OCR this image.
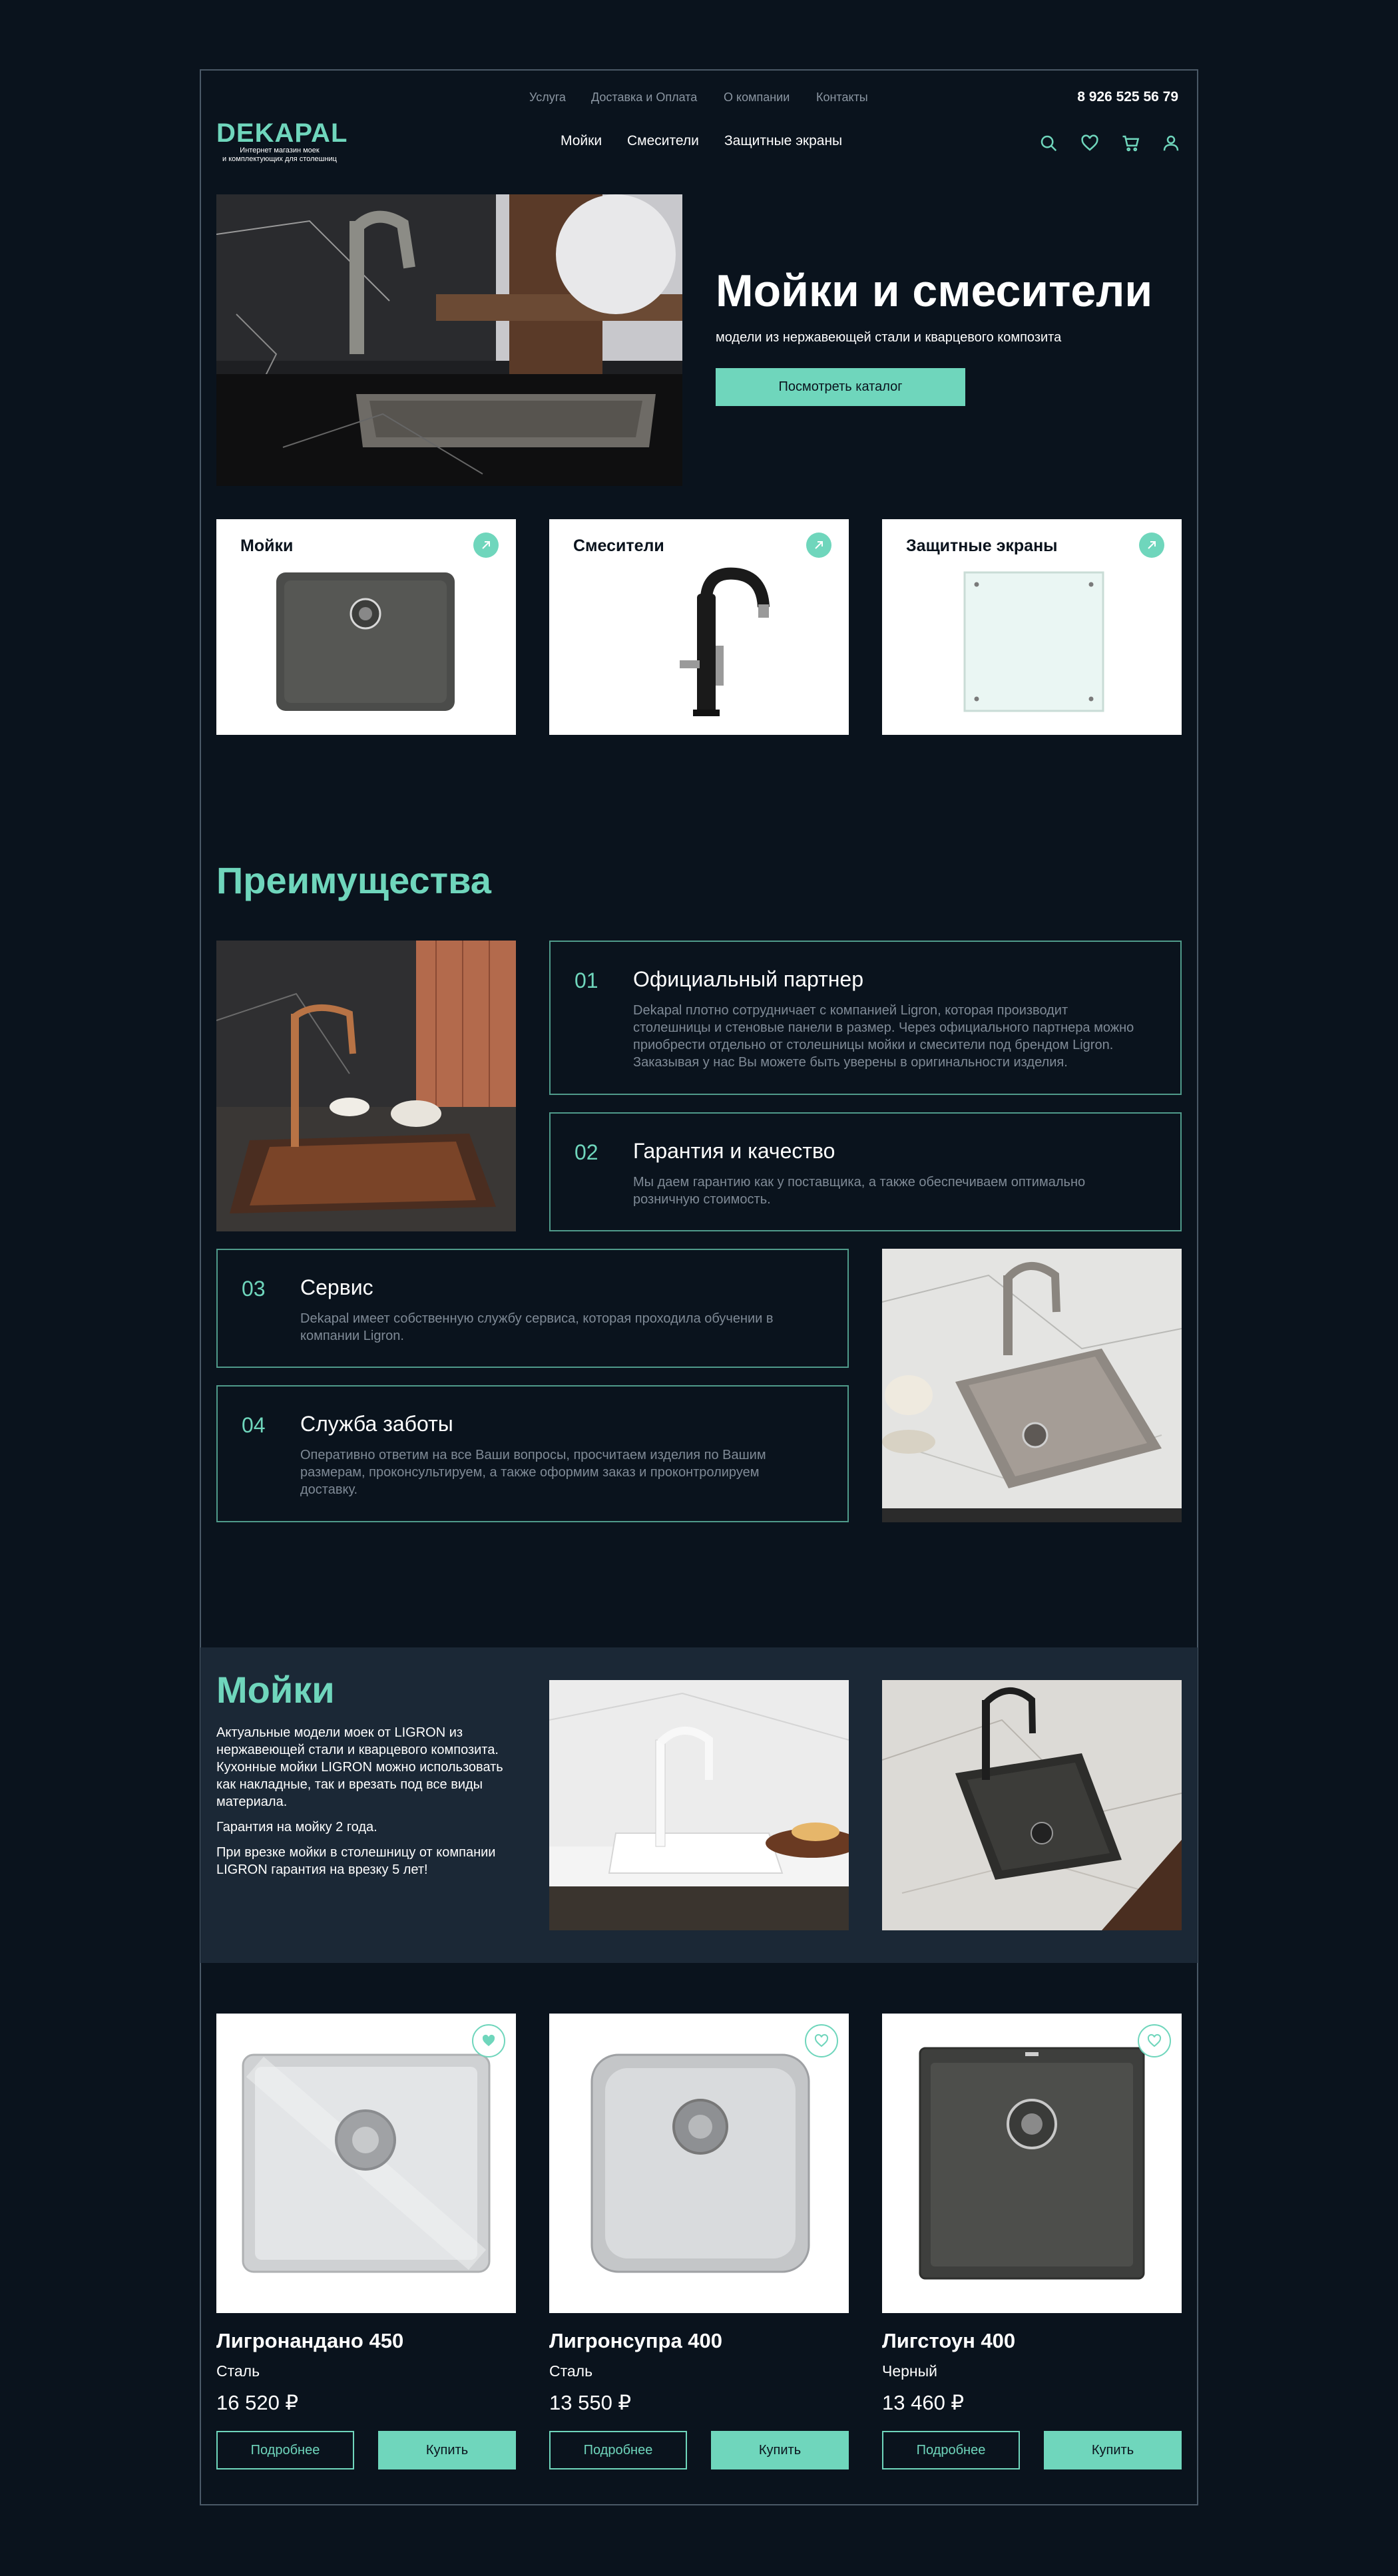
Услуга Доставка и Оплата О компании Контакты	8 926 525 56 79
DEKAPAL
Интернет магазин моек
и комплектующих для столешниц
Мойки Смесители Защитные экраны
Мойки и смесители
модели из нержавеющей стали и кварцевого композита
Посмотреть каталог
Мойки	Смесители	Защитные экраны
Преимущества
01 Официальный партнер
Dekapal плотно сотрудничает с компанией Ligron, которая производит столешницы и стеновые панели в размер. Через официального партнера можно приобрести отдельно от столешницы мойки и смесители под брендом Ligron. Заказывая у нас Вы можете быть уверены в оригинальности изделия.
02 Гарантия и качество
Мы даем гарантию как у поставщика, а также обеспечиваем оптимально розничную стоимость.
03 Сервис
Dekapal имеет собственную службу сервиса, которая проходила обучении в компании Ligron.
04 Служба заботы
Оперативно ответим на все Ваши вопросы, просчитаем изделия по Вашим размерам, проконсультируем, а также оформим заказ и проконтролируем доставку.
Мойки

Актуальные модели моек от LIGRON из нержавеющей стали и кварцевого композита. Кухонные мойки LIGRON можно использовать как накладные, так и врезать под все виды материала.

Гарантия на мойку 2 года.

При врезке мойки в столешницу от компании LIGRON гарантия на врезку 5 лет!

Лигронандано 450
Сталь
16 520 ₽
Подробнее	Купить
Лигронсупра 400
Сталь
13 550 ₽
Подробнее	Купить
Лигстоун 400
Черный
13 460 ₽
Подробнее	Купить
